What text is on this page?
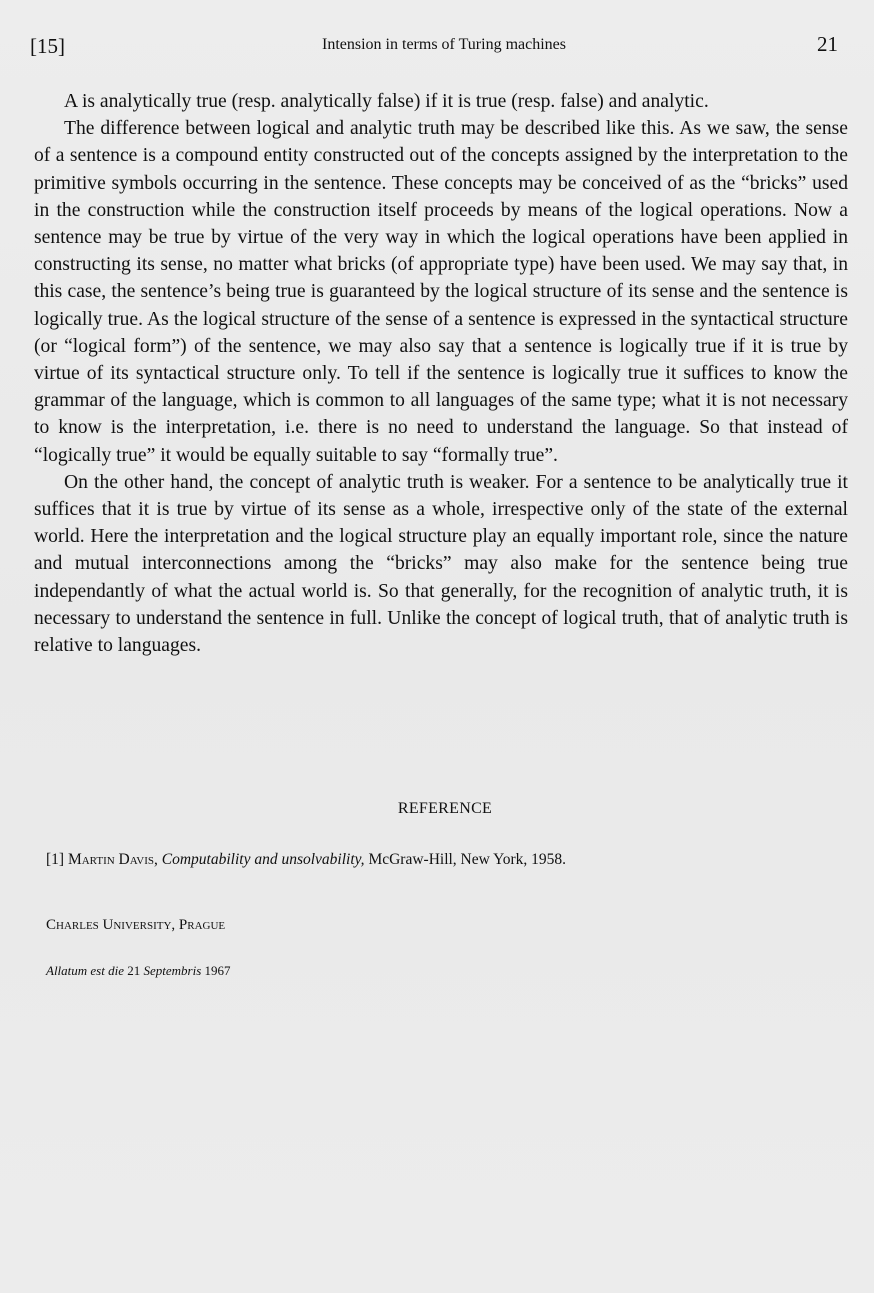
[15]	Intension in terms of Turing machines	21

A is analytically true (resp. analytically false) if it is true (resp. false) and analytic.

The difference between logical and analytic truth may be described like this. As we saw, the sense of a sentence is a compound entity constructed out of the concepts assigned by the interpretation to the primitive symbols occurring in the sentence. These concepts may be conceived of as the “bricks” used in the construction while the construction itself proceeds by means of the logical operations. Now a sentence may be true by virtue of the very way in which the logical operations have been applied in constructing its sense, no matter what bricks (of appropriate type) have been used. We may say that, in this case, the sentence’s being true is guaranteed by the logical structure of its sense and the sentence is logically true. As the logical structure of the sense of a sentence is expressed in the syntactical structure (or “logical form”) of the sentence, we may also say that a sentence is logically true if it is true by virtue of its syntactical structure only. To tell if the sentence is logically true it suffices to know the grammar of the language, which is common to all languages of the same type; what it is not necessary to know is the interpretation, i.e. there is no need to understand the language. So that instead of “logically true” it would be equally suitable to say “formally true”.

On the other hand, the concept of analytic truth is weaker. For a sentence to be analytically true it suffices that it is true by virtue of its sense as a whole, irrespective only of the state of the external world. Here the interpretation and the logical structure play an equally important role, since the nature and mutual interconnections among the “bricks” may also make for the sentence being true independantly of what the actual world is. So that generally, for the recognition of analytic truth, it is necessary to understand the sentence in full. Unlike the concept of logical truth, that of analytic truth is relative to languages.

REFERENCE
[1] Martin Davis, Computability and unsolvability, McGraw-Hill, New York, 1958.
Charles University, Prague
Allatum est die 21 Septembris 1967
